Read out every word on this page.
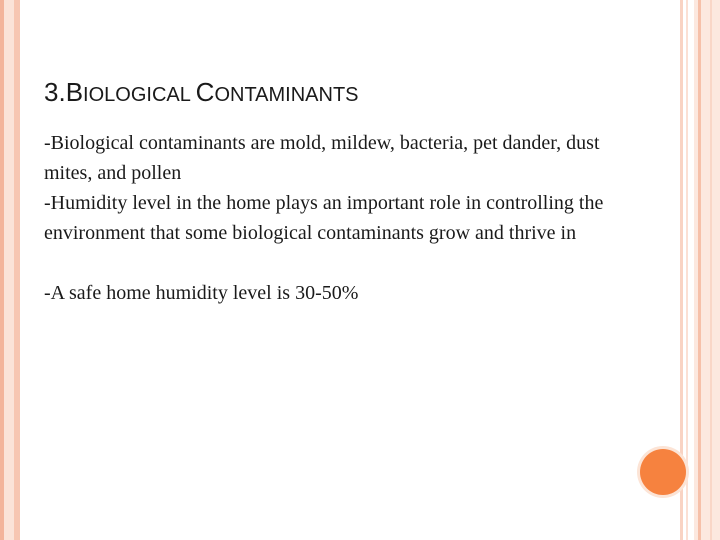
3.BIOLOGICAL CONTAMINANTS

-Biological contaminants are mold, mildew, bacteria, pet dander, dust mites, and pollen

-Humidity level in the home plays an important role in controlling the environment that some biological contaminants grow and thrive in

-A safe home humidity level is 30-50%
